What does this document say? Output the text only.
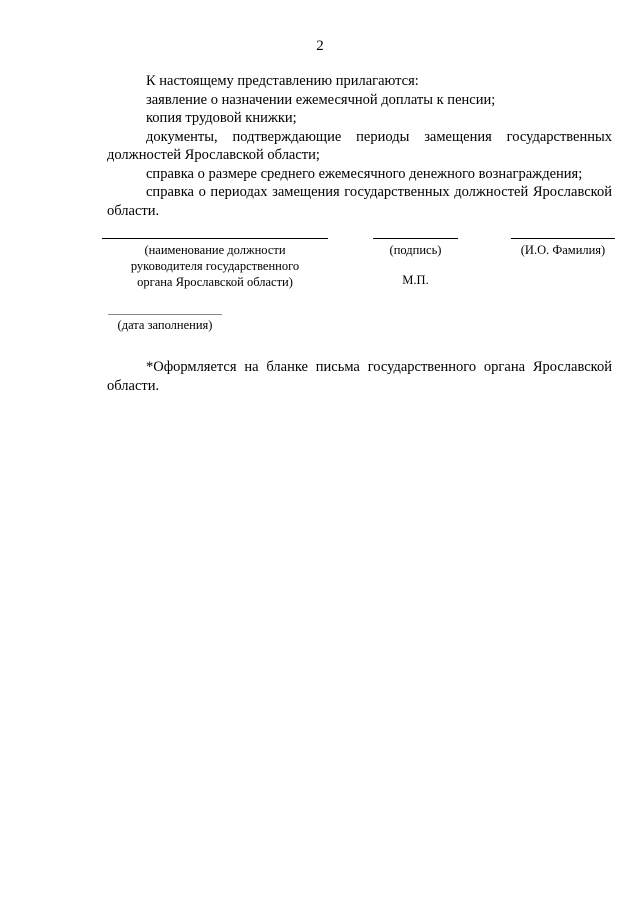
2

К настоящему представлению прилагаются:

заявление о назначении ежемесячной доплаты к пенсии;

копия трудовой книжки;

документы, подтверждающие периоды замещения государственных должностей Ярославской области;

справка о размере среднего ежемесячного денежного вознаграждения;

справка о периодах замещения государственных должностей Ярославской области.

(наименование должности
руководителя государственного
органа Ярославской области)
(подпись)	(И.О. Фамилия)
М.П.
(дата заполнения)

*Оформляется на бланке письма государственного органа Ярославской области.
